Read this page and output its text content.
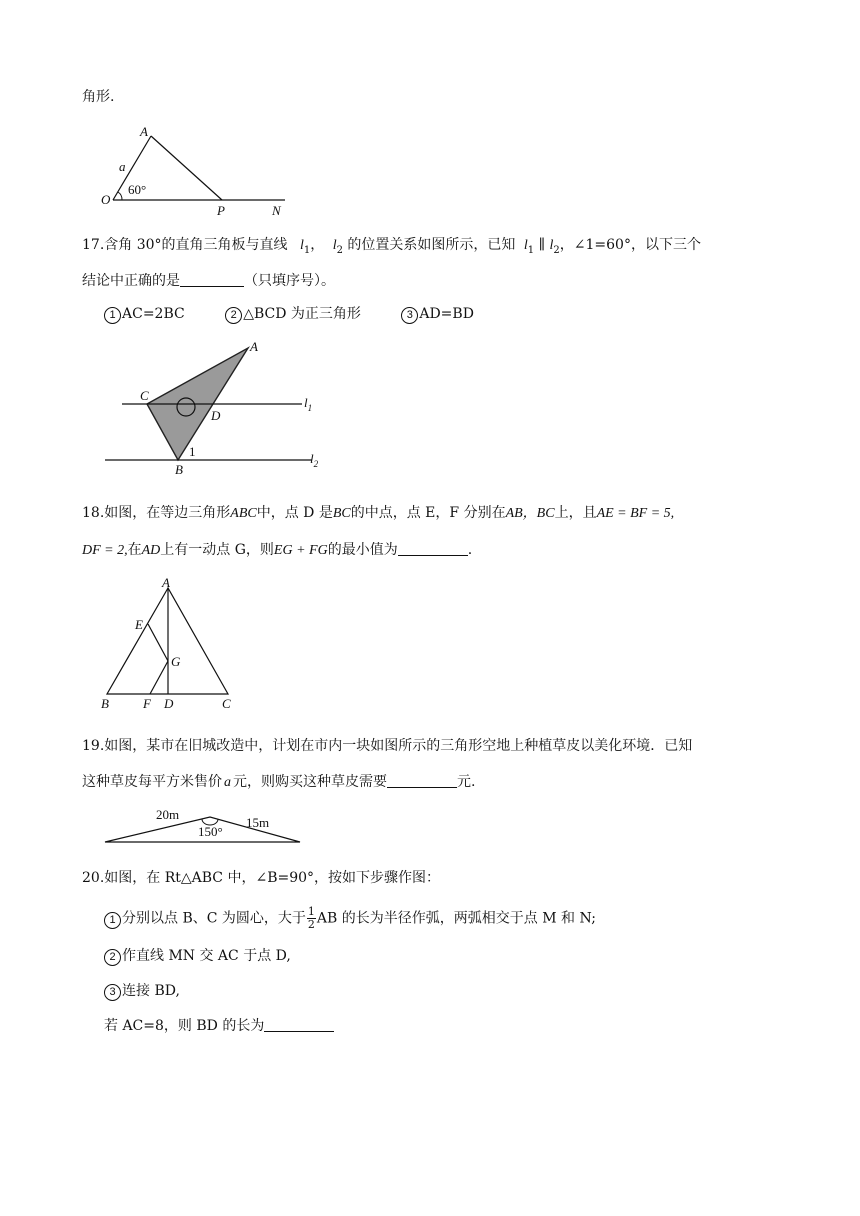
角形.
A
a
60°
O
P	N
17.含角 30°的直角三角板与直线 $l_1$， $l_2$ 的位置关系如图所示，已知 $l_1$ ∥ $l_2$，∠1=60°，以下三个
结论中正确的是	（只填序号）。
1 AC=2BC	2 △BCD 为正三角形	3 AD=BD
A
C
D
B
1
$l_1$
$l_2$
18.如图，在等边三角形ABC中，点 D 是BC的中点，点 E，F 分别在AB，BC上，且AE = BF = 5,
DF = 2,在AD上有一动点 G，则EG + FG的最小值为	.
A
E
G
B	F D	C
19.如图，某市在旧城改造中，计划在市内一块如图所示的三角形空地上种植草皮以美化环境．已知
这种草皮每平方米售价 a 元，则购买这种草皮需要	元.
20m
15m
150°
20.如图，在 Rt△ABC 中，∠B=90°，按如下步骤作图：
1 分别以点 B、C 为圆心，大于 $\frac{1}{2}$ AB 的长为半径作弧，两弧相交于点 M 和 N;
2 作直线 MN 交 AC 于点 D,
3 连接 BD,
若 AC=8，则 BD 的长为
